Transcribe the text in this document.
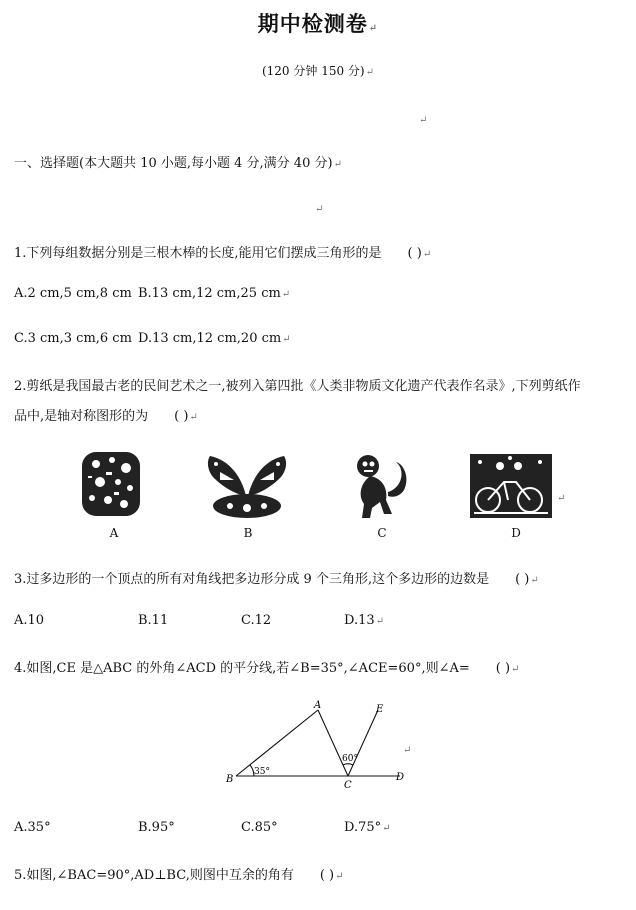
期中检测卷↵
(120 分钟 150 分)↵
↵
一、选择题(本大题共 10 小题,每小题 4 分,满分 40 分)↵
↵
1.下列每组数据分别是三根木棒的长度,能用它们摆成三角形的是 ( )↵
A.2 cm,5 cm,8 cm B.13 cm,12 cm,25 cm↵
C.3 cm,3 cm,6 cm D.13 cm,12 cm,20 cm↵
2.剪纸是我国最古老的民间艺术之一,被列入第四批《人类非物质文化遗产代表作名录》,下列剪纸作
品中,是轴对称图形的为 ( )↵
↵
A	B	C	D
3.过多边形的一个顶点的所有对角线把多边形分成 9 个三角形,这个多边形的边数是 ( )↵
A.10	B.11	C.12	D.13↵
4.如图,CE 是△ABC 的外角∠ACD 的平分线,若∠B=35°,∠ACE=60°,则∠A= ( )↵
A
B
C
D
E
35°
60°
↵
A.35°	B.95°	C.85°	D.75°↵
5.如图,∠BAC=90°,AD⊥BC,则图中互余的角有 ( )↵
